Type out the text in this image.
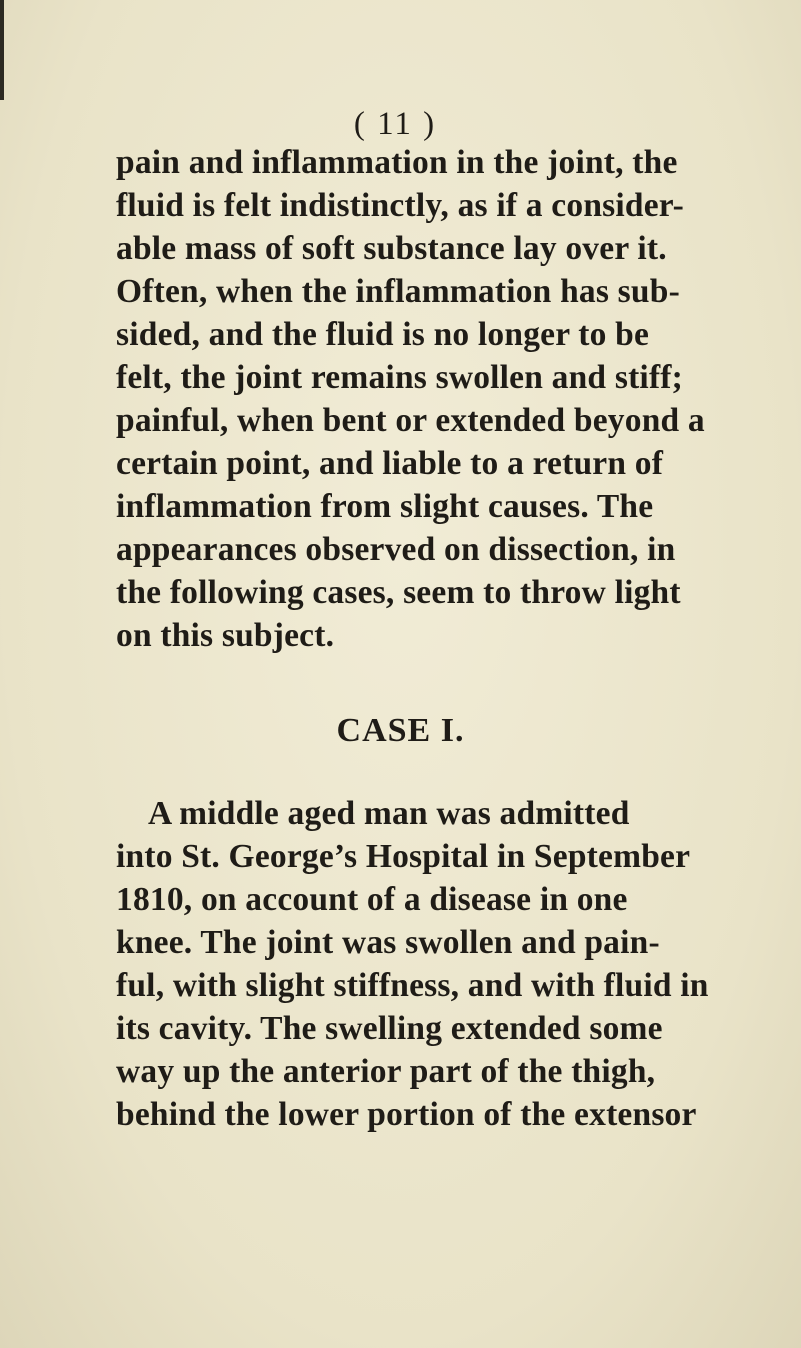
( 11 )
pain and inflammation in the joint, the
fluid is felt indistinctly, as if a consider-
able mass of soft substance lay over it.
Often, when the inflammation has sub-
sided, and the fluid is no longer to be
felt, the joint remains swollen and stiff;
painful, when bent or extended beyond a
certain point, and liable to a return of
inflammation from slight causes. The
appearances observed on dissection, in
the following cases, seem to throw light
on this subject.
CASE I.
A middle aged man was admitted
into St. George’s Hospital in September
1810, on account of a disease in one
knee. The joint was swollen and pain-
ful, with slight stiffness, and with fluid in
its cavity. The swelling extended some
way up the anterior part of the thigh,
behind the lower portion of the extensor
